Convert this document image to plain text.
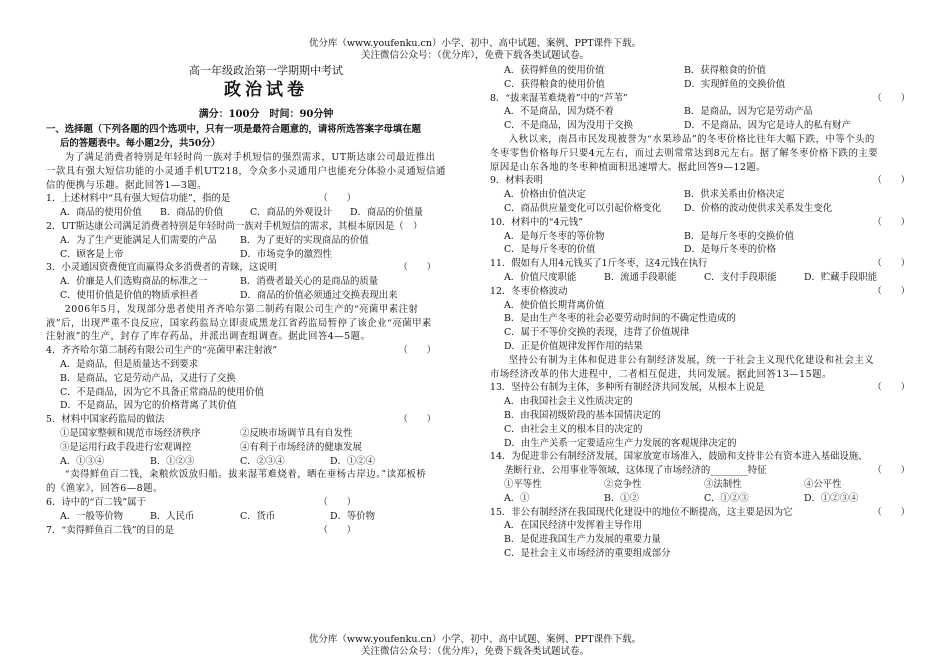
优分库（www.youfenku.cn）小学、初中、高中试题、案例、PPT课件下载。
关注微信公众号：（优分库），免费下载各类试题试卷。
高一年级政治第一学期期中考试
政治试卷
满分：100分　时间：90分钟
一、选择题（下列各题的四个选项中，只有一项是最符合题意的，请将所选答案字母填在题
后的答题表中。每小题2分，共50分）
为了满足消费者特别是年轻时尚一族对手机短信的强烈需求，UT斯达康公司最近推出
一款具有强大短信功能的小灵通手机UT218，令众多小灵通用户也能充分体验小灵通短信通
信的便携与乐趣。据此回答1—3题。
1．上述材料中“具有强大短信功能”，指的是	（　　）
A．商品的使用价值	B．商品的价值	C．商品的外观设计	D．商品的价值量
2．UT斯达康公司满足消费者特别是年轻时尚一族对手机短信的需求，其根本原因是（　）
A．为了生产更能满足人们需要的产品	B．为了更好的实现商品的价值
C．顾客是上帝	D．市场竞争的激烈性
3．小灵通因资费便宜而赢得众多消费者的青睐，这说明	（　　）
A．价廉是人们选购商品的标准之一	B．消费者最关心的是商品的质量
C．使用价值是价值的物质承担者	D．商品的价值必须通过交换表现出来
2006年5月，发现部分患者使用齐齐哈尔第二制药有限公司生产的“亮菌甲素注射
液”后，出现严重不良反应，国家药监局立即责成黑龙江省药监局暂停了该企业“亮菌甲素
注射液”的生产，封存了库存药品，并派出调查组调查。据此回答4—5题。
4．齐齐哈尔第二制药有限公司生产的“亮菌甲素注射液”	（　　）
A．是商品，但是质量达不到要求
B．是商品，它是劳动产品，又进行了交换
C．不是商品，因为它不具备正常商品的使用价值
D．不是商品，因为它的价格背离了其价值
5．材料中国家药监局的做法	（　　）
①是国家整顿和规范市场经济秩序	②反映市场调节具有自发性
③是运用行政手段进行宏观调控	④有利于市场经济的健康发展
A．①③④	B．①②③	C．②③④	D．①②④
“卖得鲜鱼百二钱，籴粮炊饭放归船。拔来湿苇难烧着，晒在垂杨古岸边。”读郑板桥
的《渔家》，回答6—8题。
6．诗中的“百二钱”属于	（　　）
A．一般等价物	B．人民币	C．货币	D．等价物
7．“卖得鲜鱼百二钱”的目的是	（　　）
A．获得鲜鱼的使用价值	B．获得粮食的价值
C．获得粮食的使用价值	D．实现鲜鱼的交换价值
8．“拔来湿苇难烧着”中的“芦苇”	（　　）
A．不是商品，因为烧不着	B．是商品，因为它是劳动产品
C．不是商品，因为没用于交换	D．不是商品，因为它是诗人的私有财产
入秋以来，南昌市民发现被誉为“水果珍品”的冬枣价格比往年大幅下跌，中等个头的
冬枣零售价格每斤只要4元左右，而过去则常常达到8元左右。据了解冬枣价格下跌的主要
原因是山东各地的冬枣种植面积迅速增大。据此回答9—12题。
9．材料表明	（　　）
A．价格由价值决定	B．供求关系由价格决定
C．商品供应量变化可以引起价格变化	D．价格的波动使供求关系发生变化
10．材料中的“4元钱”	（　　）
A．是每斤冬枣的等价物	B．是每斤冬枣的交换价值
C．是每斤冬枣的价值	D．是每斤冬枣的价格
11．假如有人用4元钱买了1斤冬枣，这4元钱在执行	（　　）
A．价值尺度职能	B．流通手段职能	C．支付手段职能	D．贮藏手段职能
12．冬枣价格波动	（　　）
A．使价值长期背离价值
B．是由生产冬枣的社会必要劳动时间的不确定性造成的
C．属于不等价交换的表现，违背了价值规律
D．正是价值规律发挥作用的结果
坚持公有制为主体和促进非公有制经济发展，统一于社会主义现代化建设和社会主义
市场经济改革的伟大进程中，二者相互促进，共同发展。据此回答13—15题。
13．坚持公有制为主体，多种所有制经济共同发展，从根本上说是	（　　）
A．由我国社会主义性质决定的
B．由我国初级阶段的基本国情决定的
C．由社会主义的根本目的决定的
D．由生产关系一定要适应生产力发展的客观规律决定的
14．为促进非公有制经济发展，国家放宽市场准入，鼓励和支持非公有资本进入基础设施、
垄断行业、公用事业等领域，这体现了市场经济的________特征	（　　）
①平等性	②竞争性	③法制性	④公平性
A．①	B．①②	C．①②③	D．①②③④
15．非公有制经济在我国现代化建设中的地位不断提高，这主要是因为它	（　　）
A．在国民经济中发挥着主导作用
B．是促进我国生产力发展的重要力量
C．是社会主义市场经济的重要组成部分
优分库（www.youfenku.cn）小学、初中、高中试题、案例、PPT课件下载。
关注微信公众号：（优分库），免费下载各类试题试卷。
